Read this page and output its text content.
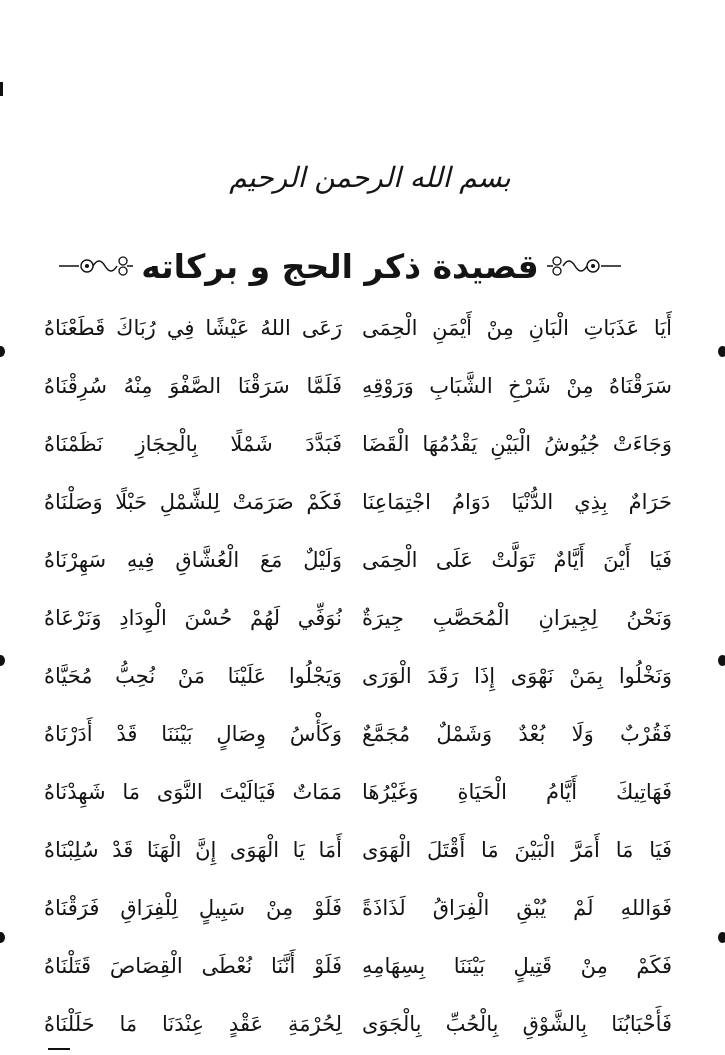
بسم الله الرحمن الرحيم
قصيدة ذكر الحج و بركاته
أَيَا عَذَبَاتِ الْبَانِ مِنْ أَيْمَنِ الْحِمَى
رَعَى اللهُ عَيْشًا فِي رُبَاكَ قَطَعْنَاهُ
سَرَقْنَاهُ مِنْ شَرْخِ الشَّبَابِ وَرَوْقِهِ
فَلَمَّا سَرَقْنَا الصَّفْوَ مِنْهُ سُرِقْنَاهُ
وَجَاءَتْ جُيُوشُ الْبَيْنِ يَقْدُمُهَا الْقَضَا
فَبَدَّدَ شَمْلًا بِالْحِجَازِ نَظَمْنَاهُ
حَرَامٌ بِذِي الدُّنْيَا دَوَامُ اجْتِمَاعِنَا
فَكَمْ صَرَمَتْ لِلشَّمْلِ حَبْلًا وَصَلْنَاهُ
فَيَا أَيْنَ أَيَّامٌ تَوَلَّتْ عَلَى الْحِمَى
وَلَيْلٌ مَعَ الْعُشَّاقِ فِيهِ سَهِرْنَاهُ
وَنَحْنُ لِجِيرَانِ الْمُحَصَّبِ جِيرَةٌ
نُوَفِّي لَهُمْ حُسْنَ الْوِدَادِ وَنَرْعَاهُ
وَنَخْلُوا بِمَنْ نَهْوَى إِذَا رَقَدَ الْوَرَى
وَيَجْلُوا عَلَيْنَا مَنْ نُحِبُّ مُحَيَّاهُ
فَقُرْبٌ وَلَا بُعْدٌ وَشَمْلٌ مُجَمَّعٌ
وَكَأْسُ وِصَالٍ بَيْنَنَا قَدْ أَدَرْنَاهُ
فَهَاتِيكَ أَيَّامُ الْحَيَاةِ وَغَيْرُهَا
مَمَاتٌ فَيَالَيْتَ النَّوَى مَا شَهِدْنَاهُ
فَيَا مَا أَمَرَّ الْبَيْنَ مَا أَقْتَلَ الْهَوَى
أَمَا يَا الْهَوَى إِنَّ الْهَنَا قَدْ سُلِبْنَاهُ
فَوَاللهِ لَمْ يُبْقِ الْفِرَاقُ لَذَاذَةً
فَلَوْ مِنْ سَبِيلٍ لِلْفِرَاقِ فَرَقْنَاهُ
فَكَمْ مِنْ قَتِيلٍ بَيْنَنَا بِسِهَامِهِ
فَلَوْ أَنَّنَا نُعْطَى الْقِصَاصَ قَتَلْنَاهُ
فَأَحْبَابُنَا بِالشَّوْقِ بِالْحُبِّ بِالْجَوَى
لِحُرْمَةِ عَقْدٍ عِنْدَنَا مَا حَلَلْنَاهُ
